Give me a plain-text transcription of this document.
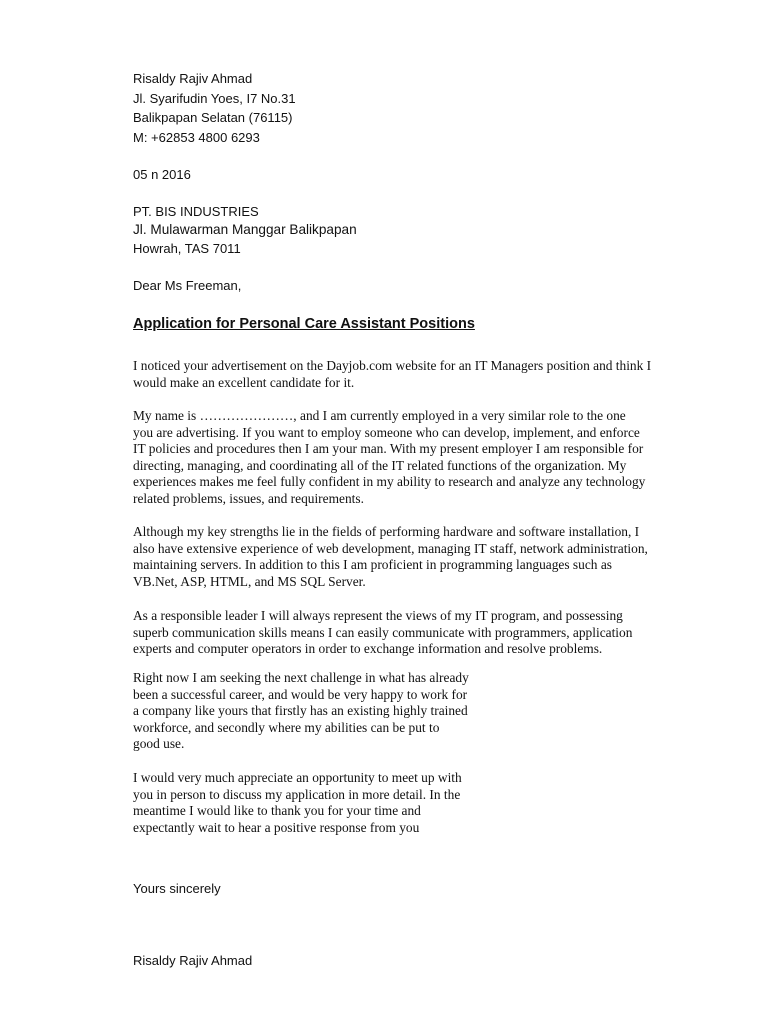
Risaldy Rajiv Ahmad
Jl. Syarifudin Yoes, I7 No.31
Balikpapan Selatan (76115)
M: +62853 4800 6293
05 n 2016
PT. BIS INDUSTRIES
Jl. Mulawarman Manggar Balikpapan
Howrah, TAS 7011
Dear Ms Freeman,
Application for Personal Care Assistant Positions
I noticed your advertisement on the Dayjob.com website for an IT Managers position and think I
would make an excellent candidate for it.
My name is …………………, and I am currently employed in a very similar role to the one
you are advertising. If you want to employ someone who can develop, implement, and enforce
IT policies and procedures then I am your man. With my present employer I am responsible for
directing, managing, and coordinating all of the IT related functions of the organization. My
experiences makes me feel fully confident in my ability to research and analyze any technology
related problems, issues, and requirements.
Although my key strengths lie in the fields of performing hardware and software installation, I
also have extensive experience of web development, managing IT staff, network administration,
maintaining servers. In addition to this I am proficient in programming languages such as
VB.Net, ASP, HTML, and MS SQL Server.
As a responsible leader I will always represent the views of my IT program, and possessing
superb communication skills means I can easily communicate with programmers, application
experts and computer operators in order to exchange information and resolve problems.
Right now I am seeking the next challenge in what has already
been a successful career, and would be very happy to work for
a company like yours that firstly has an existing highly trained
workforce, and secondly where my abilities can be put to
good use.
I would very much appreciate an opportunity to meet up with
you in person to discuss my application in more detail. In the
meantime I would like to thank you for your time and
expectantly wait to hear a positive response from you
Yours sincerely
Risaldy Rajiv Ahmad
